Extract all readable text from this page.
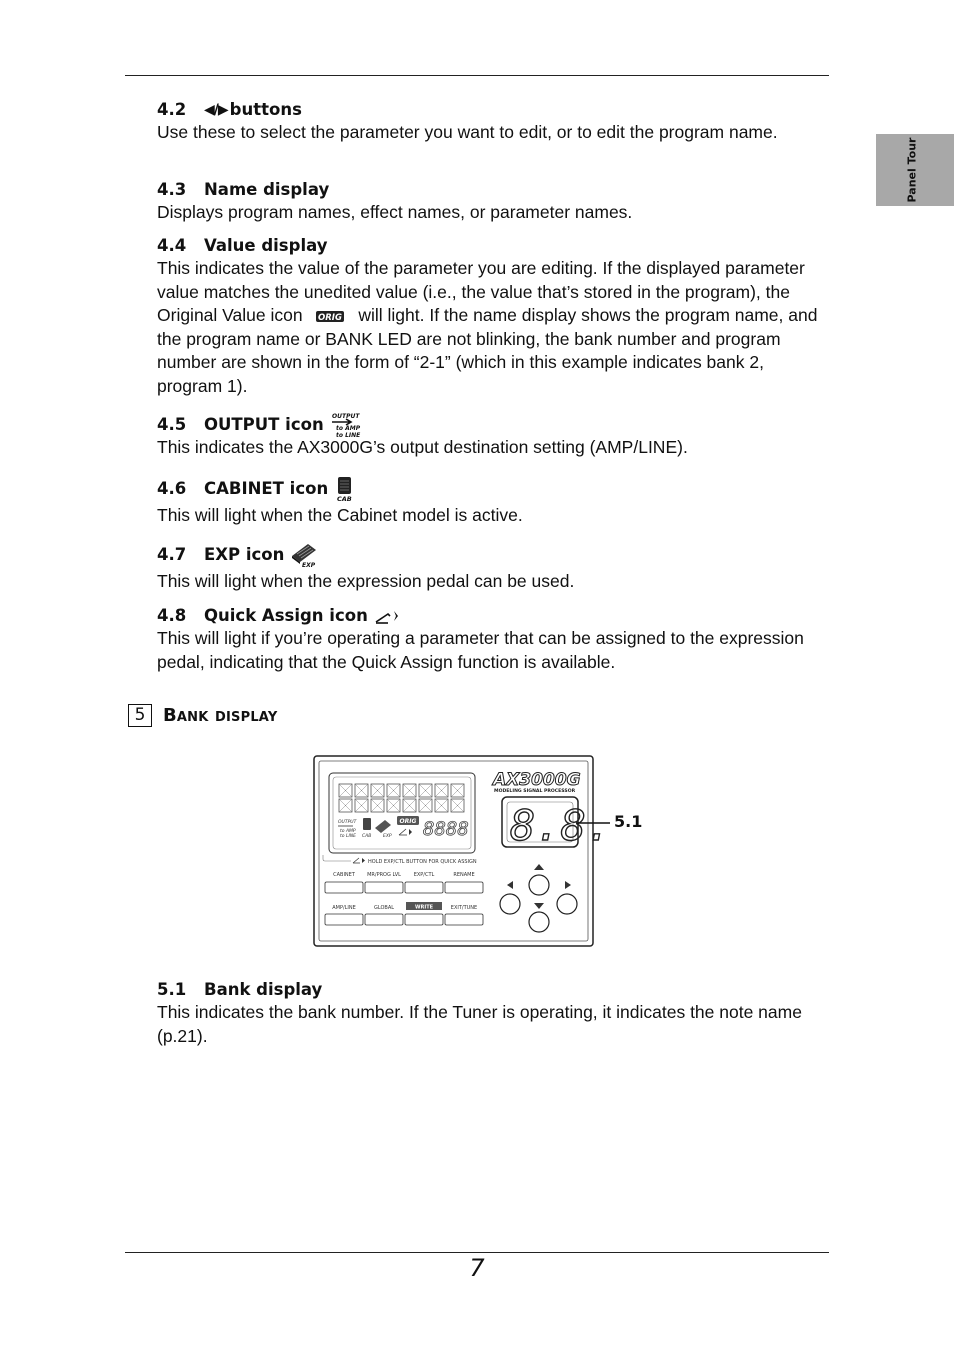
Panel Tour
4.2	◀/▶ buttons
Use these to select the parameter you want to edit, or to edit the program name.
4.3	Name display
Displays program names, effect names, or parameter names.
4.4	Value display
This indicates the value of the parameter you are editing. If the displayed parameter value matches the unedited value (i.e., the value that’s stored in the program), the Original Value icon ORIG will light. If the name display shows the program name, and the program name or BANK LED are not blinking, the bank number and program number are shown in the form of “2-1” (which in this example indicates bank 2, program 1).
4.5	OUTPUT icon OUTPUT
to AMP
to LINE
This indicates the AX3000G’s output destination setting (AMP/LINE).
4.6	CABINET icon
CAB
This will light when the Cabinet model is active.
4.7	EXP icon
EXP
This will light when the expression pedal can be used.
4.8	Quick Assign icon
This will light if you’re operating a parameter that can be assigned to the expression pedal, indicating that the Quick Assign function is available.
5 Bank display
OUTPUT
to AMP
to LINE CAB	EXP
ORIG 8888
AX3000G
MODELING SIGNAL PROCESSOR
8.8.
HOLD EXP/CTL BUTTON FOR QUICK ASSIGN
CABINET MR/PROG LVL	EXP/CTL	RENAME
AMP/LINE	GLOBAL	WRITE	EXIT/TUNE
5.1
5.1	Bank display
This indicates the bank number. If the Tuner is operating, it indicates the note name (p.21).
7
